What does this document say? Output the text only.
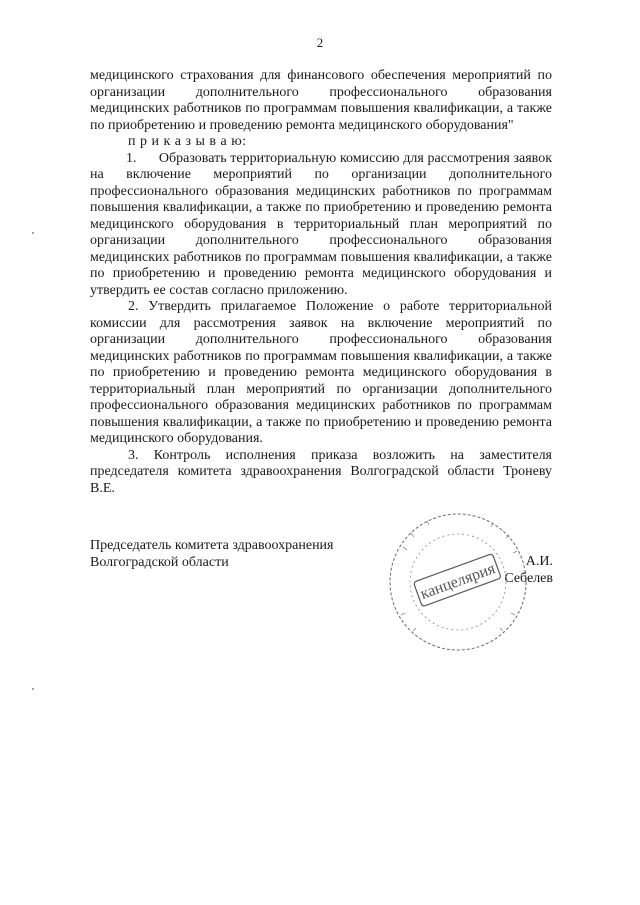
2

медицинского страхования для финансового обеспечения мероприятий по организации дополнительного профессионального образования медицинских работников по программам повышения квалификации, а также по приобретению и проведению ремонта медицинского оборудования"

п р и к а з ы в а ю:

1.      Образовать территориальную комиссию для рассмотрения заявок на включение мероприятий по организации дополнительного профессионального образования медицинских работников по программам повышения квалификации, а также по приобретению и проведению ремонта медицинского оборудования в территориальный план мероприятий по организации дополнительного профессионального образования медицинских работников по программам повышения квалификации, а также по приобретению и проведению ремонта медицинского оборудования и утвердить ее состав согласно приложению.

2. Утвердить прилагаемое Положение о работе территориальной комиссии для рассмотрения заявок на включение мероприятий по организации дополнительного профессионального образования медицинских работников по программам повышения квалификации, а также по приобретению и проведению ремонта медицинского оборудования в территориальный план мероприятий по организации дополнительного профессионального образования медицинских работников по программам повышения квалификации, а также по приобретению и проведению ремонта медицинского оборудования.

3. Контроль исполнения приказа возложить на заместителя председателя комитета здравоохранения Волгоградской области Троневу В.Е.

Председатель комитета здравоохранения
Волгоградской области	А.И. Себелев
канцелярия
